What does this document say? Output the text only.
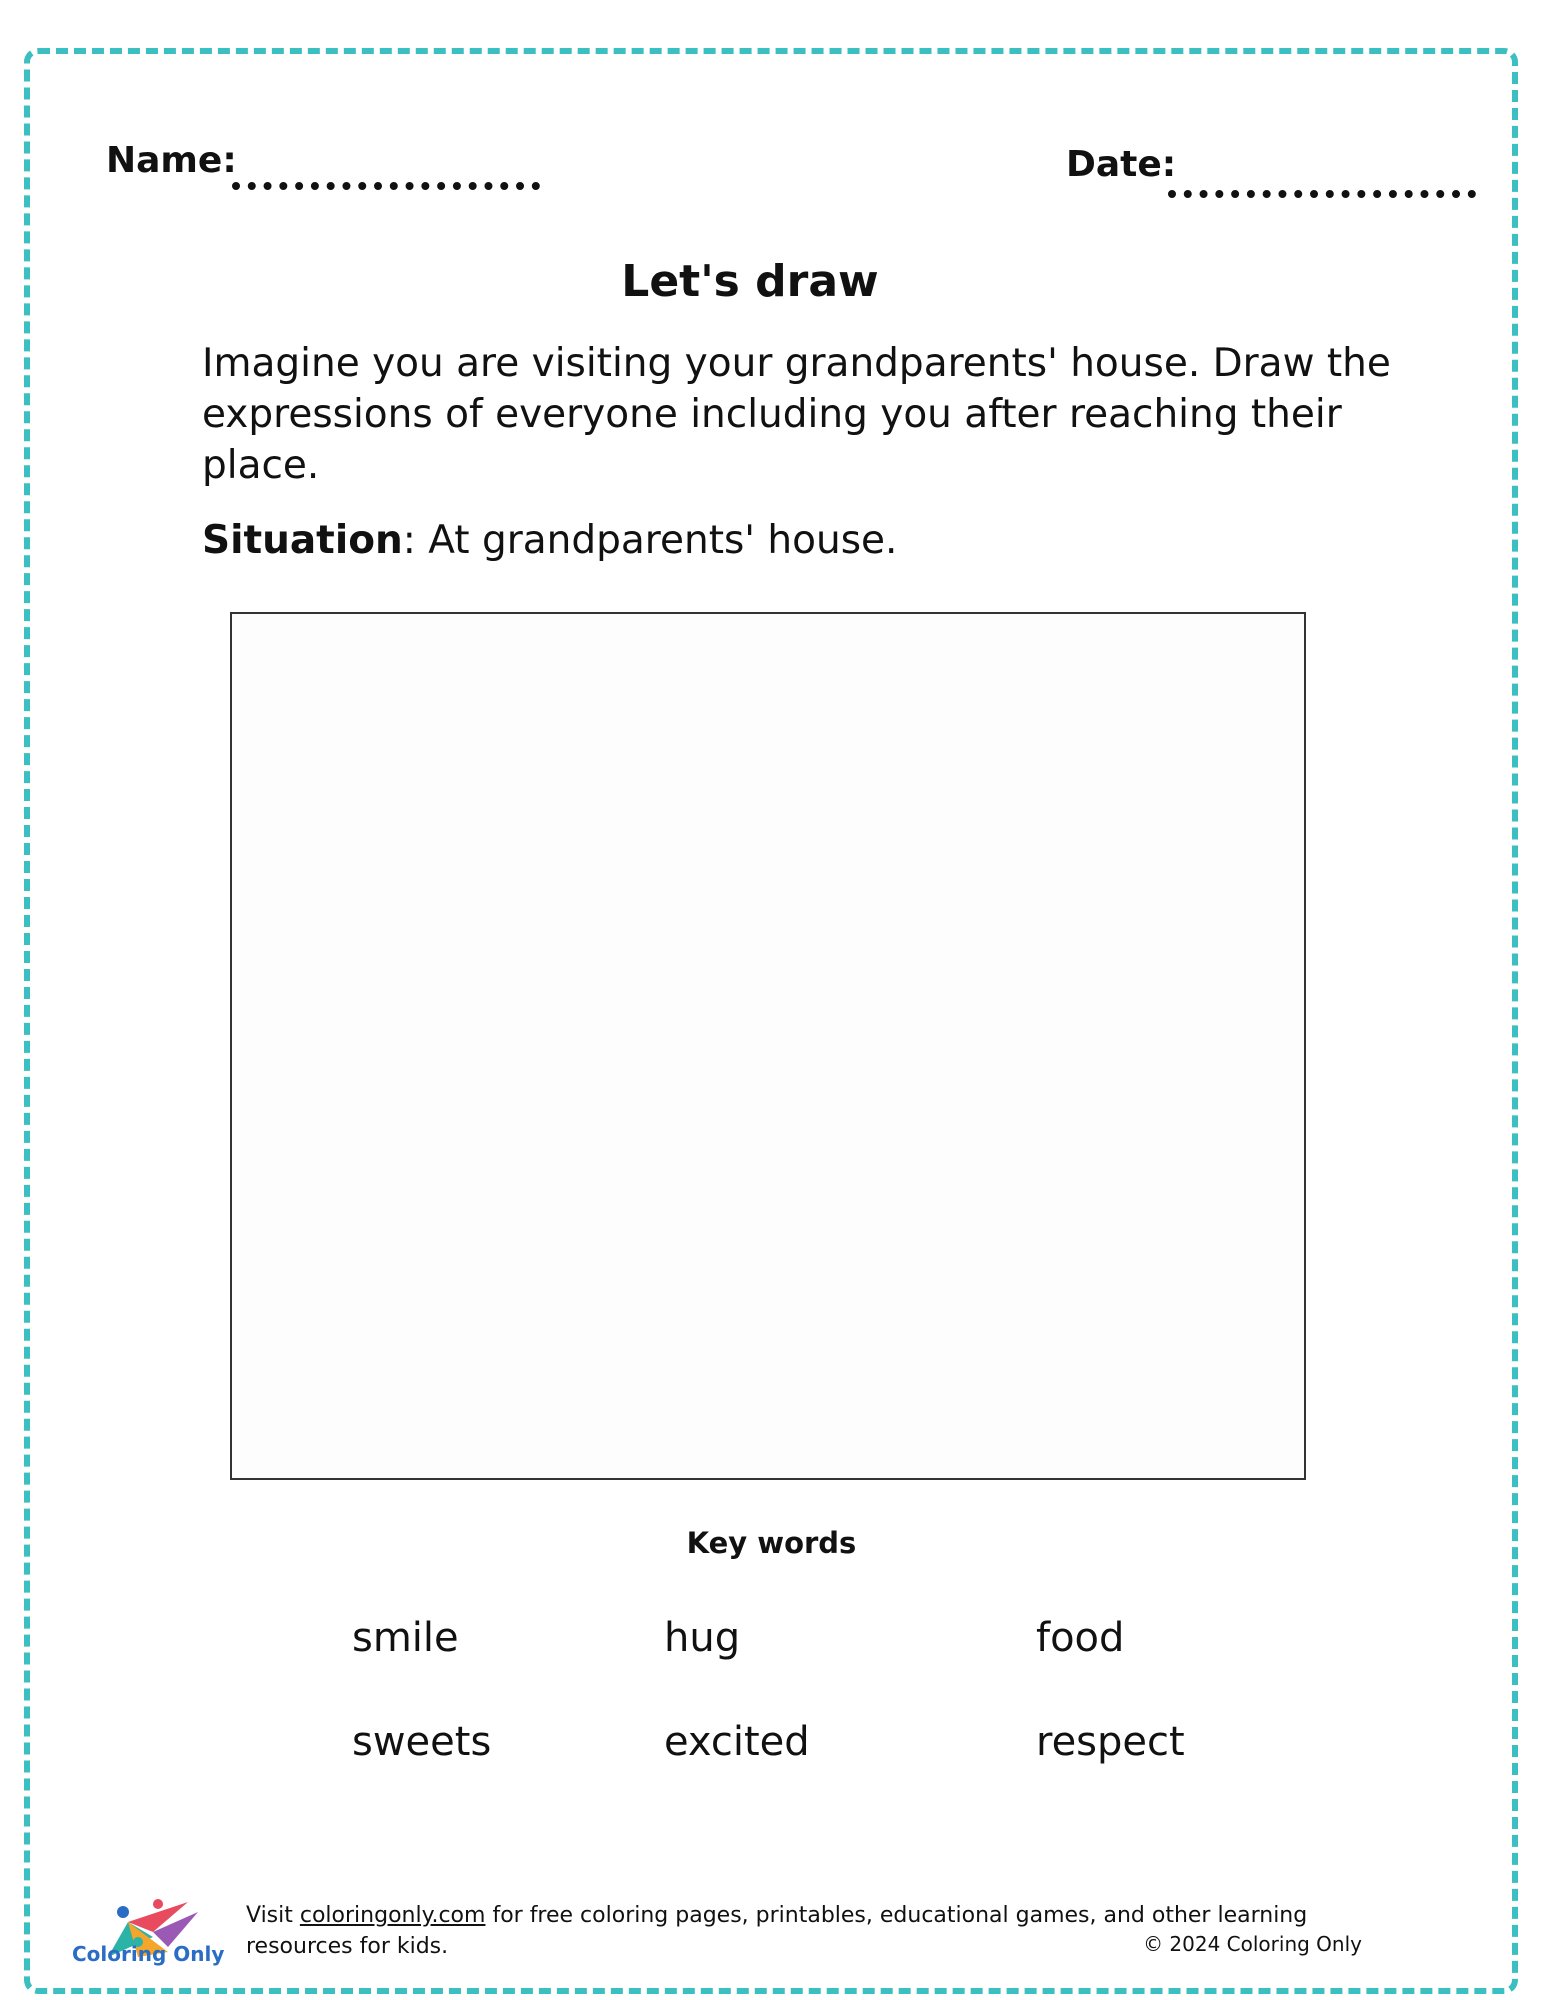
Name:	Date:
Let's draw
Imagine you are visiting your grandparents' house. Draw the expressions of everyone including you after reaching their place.
Situation: At grandparents' house.
Key words
smile	hug	food
sweets	excited	respect
Coloring Only
Visit coloringonly.com for free coloring pages, printables, educational games, and other learning resources for kids.	© 2024 Coloring Only
